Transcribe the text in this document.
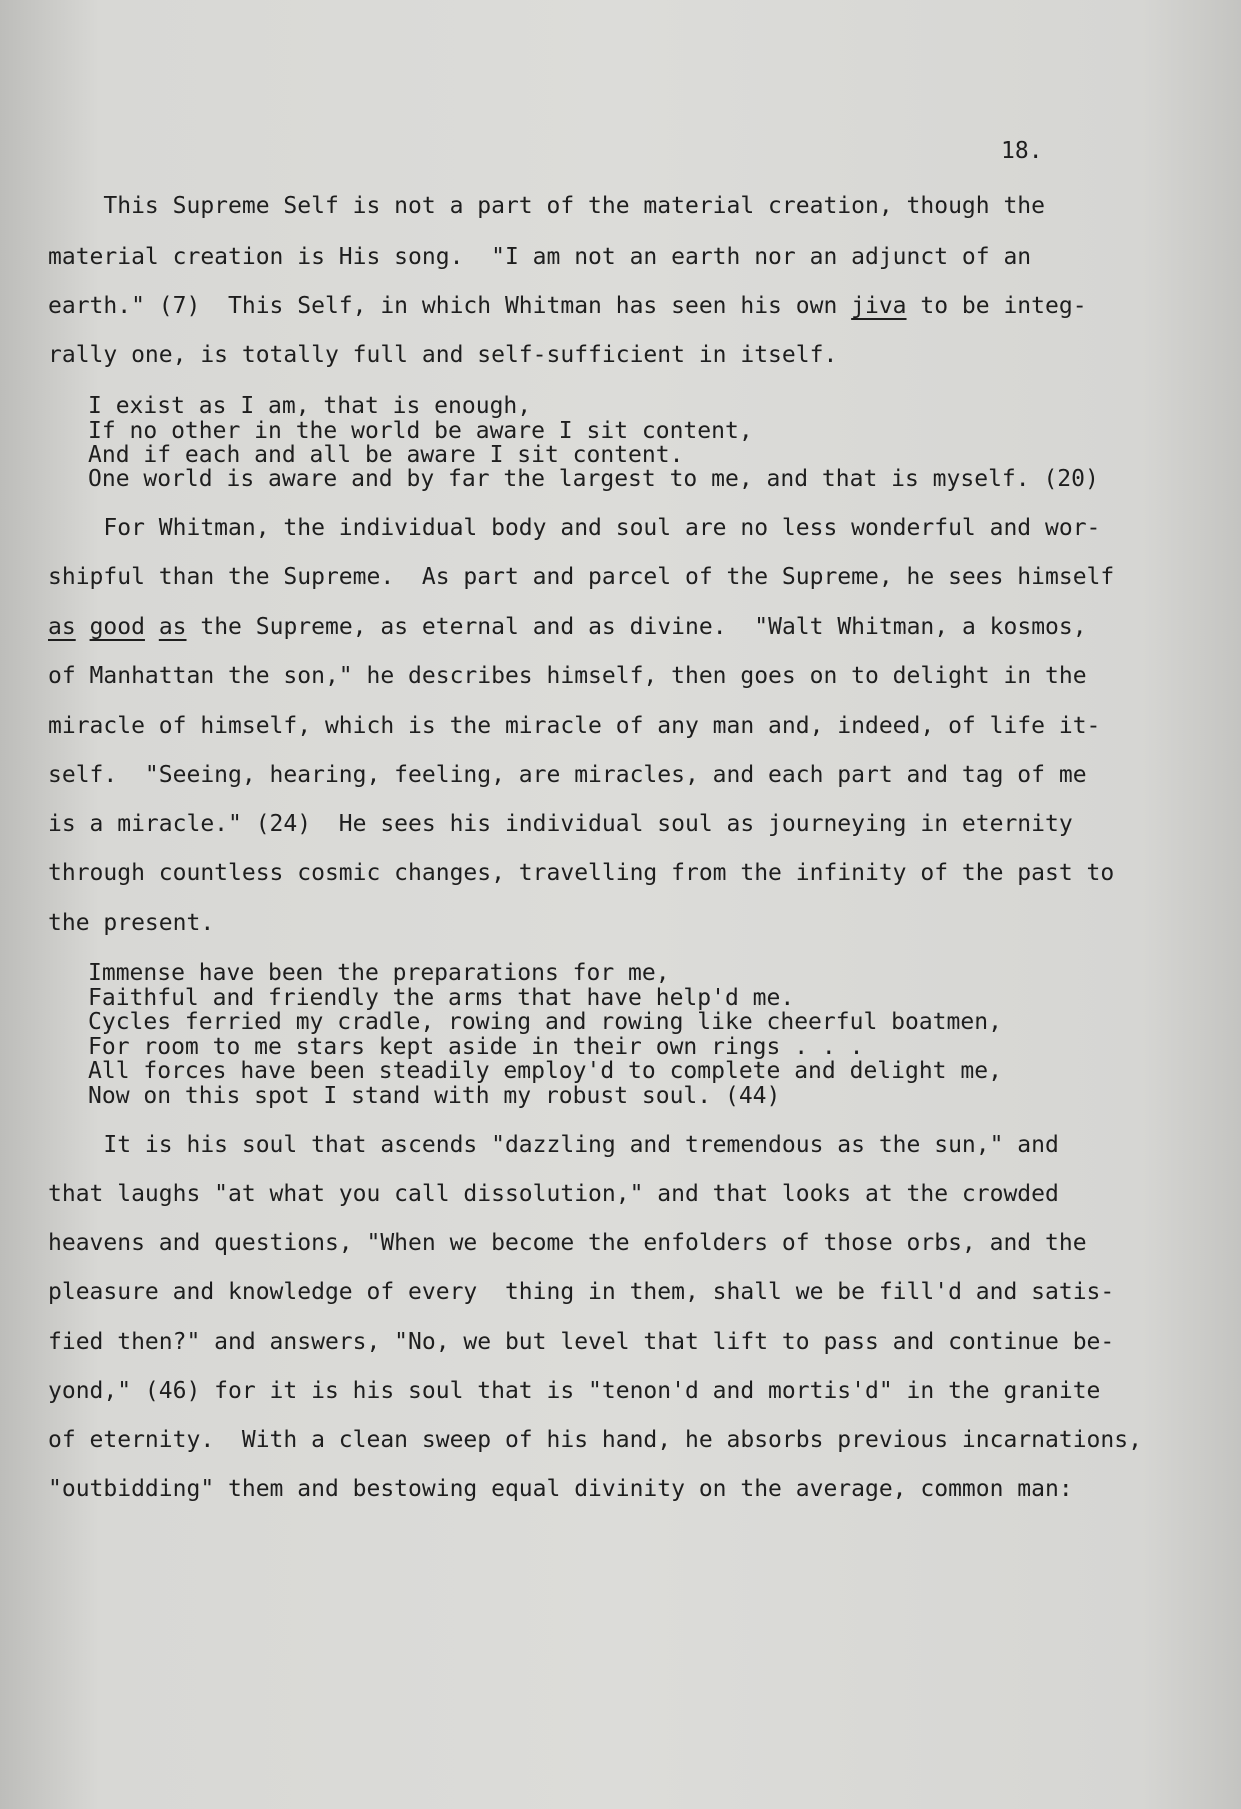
18.
This Supreme Self is not a part of the material creation, though the
material creation is His song.  "I am not an earth nor an adjunct of an
earth." (7)  This Self, in which Whitman has seen his own jiva to be integ-
rally one, is totally full and self-sufficient in itself.
I exist as I am, that is enough,
If no other in the world be aware I sit content,
And if each and all be aware I sit content.
One world is aware and by far the largest to me, and that is myself. (20)
For Whitman, the individual body and soul are no less wonderful and wor-
shipful than the Supreme.  As part and parcel of the Supreme, he sees himself
as good as the Supreme, as eternal and as divine.  "Walt Whitman, a kosmos,
of Manhattan the son," he describes himself, then goes on to delight in the
miracle of himself, which is the miracle of any man and, indeed, of life it-
self.  "Seeing, hearing, feeling, are miracles, and each part and tag of me
is a miracle." (24)  He sees his individual soul as journeying in eternity
through countless cosmic changes, travelling from the infinity of the past to
the present.
Immense have been the preparations for me,
Faithful and friendly the arms that have help'd me.
Cycles ferried my cradle, rowing and rowing like cheerful boatmen,
For room to me stars kept aside in their own rings . . .
All forces have been steadily employ'd to complete and delight me,
Now on this spot I stand with my robust soul. (44)
It is his soul that ascends "dazzling and tremendous as the sun," and
that laughs "at what you call dissolution," and that looks at the crowded
heavens and questions, "When we become the enfolders of those orbs, and the
pleasure and knowledge of every  thing in them, shall we be fill'd and satis-
fied then?" and answers, "No, we but level that lift to pass and continue be-
yond," (46) for it is his soul that is "tenon'd and mortis'd" in the granite
of eternity.  With a clean sweep of his hand, he absorbs previous incarnations,
"outbidding" them and bestowing equal divinity on the average, common man:
